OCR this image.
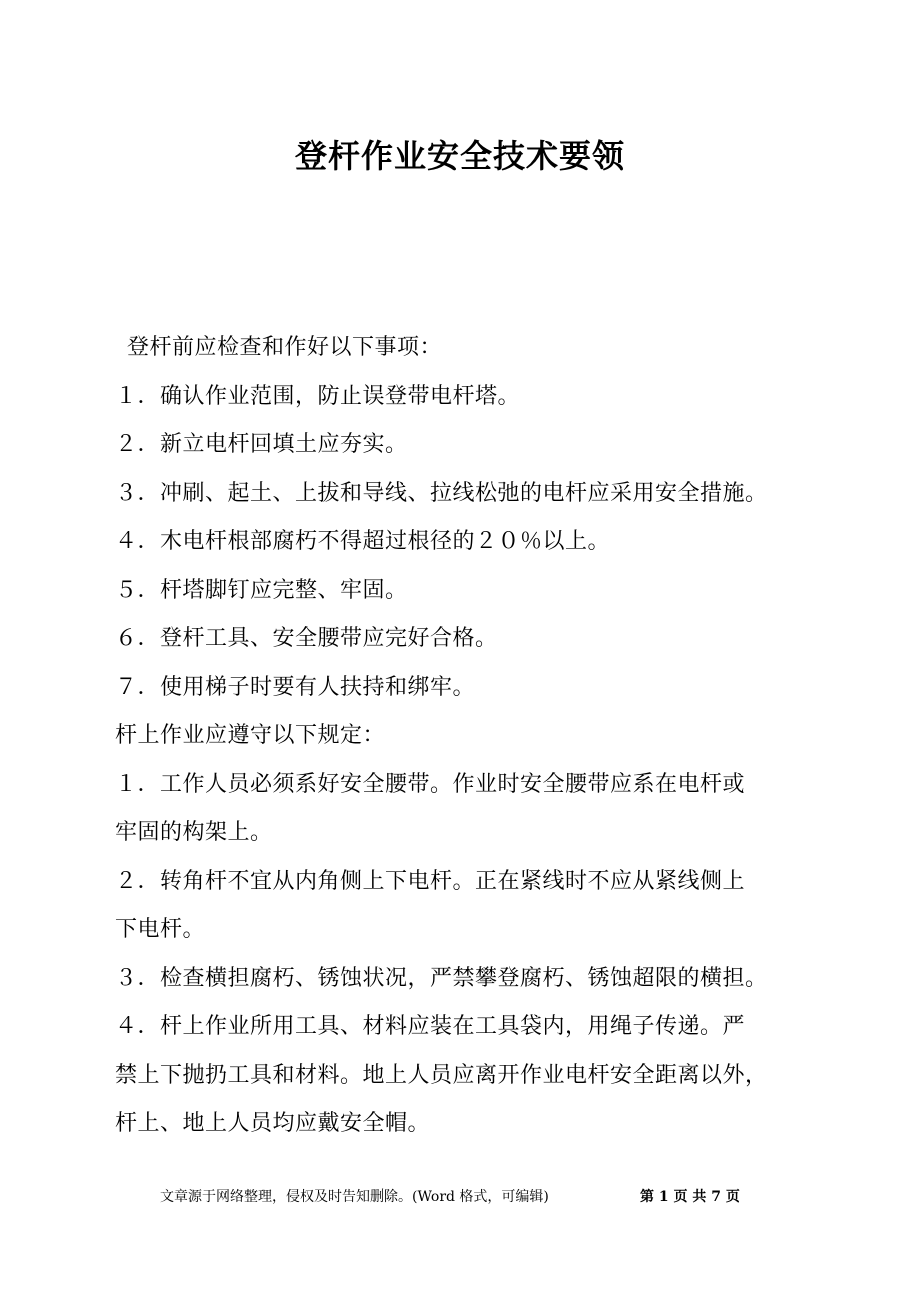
登杆作业安全技术要领
登杆前应检查和作好以下事项：
１．确认作业范围，防止误登带电杆塔。
２．新立电杆回填土应夯实。
３．冲刷、起土、上拔和导线、拉线松弛的电杆应采用安全措施。
４．木电杆根部腐朽不得超过根径的２０％以上。
５．杆塔脚钉应完整、牢固。
６．登杆工具、安全腰带应完好合格。
７．使用梯子时要有人扶持和绑牢。
杆上作业应遵守以下规定：
１．工作人员必须系好安全腰带。作业时安全腰带应系在电杆或
牢固的构架上。
２．转角杆不宜从内角侧上下电杆。正在紧线时不应从紧线侧上
下电杆。
３．检查横担腐朽、锈蚀状况，严禁攀登腐朽、锈蚀超限的横担。
４．杆上作业所用工具、材料应装在工具袋内，用绳子传递。严
禁上下抛扔工具和材料。地上人员应离开作业电杆安全距离以外，
杆上、地上人员均应戴安全帽。
文章源于网络整理，侵权及时告知删除。(Word 格式，可编辑)	第 1 页 共 7 页
